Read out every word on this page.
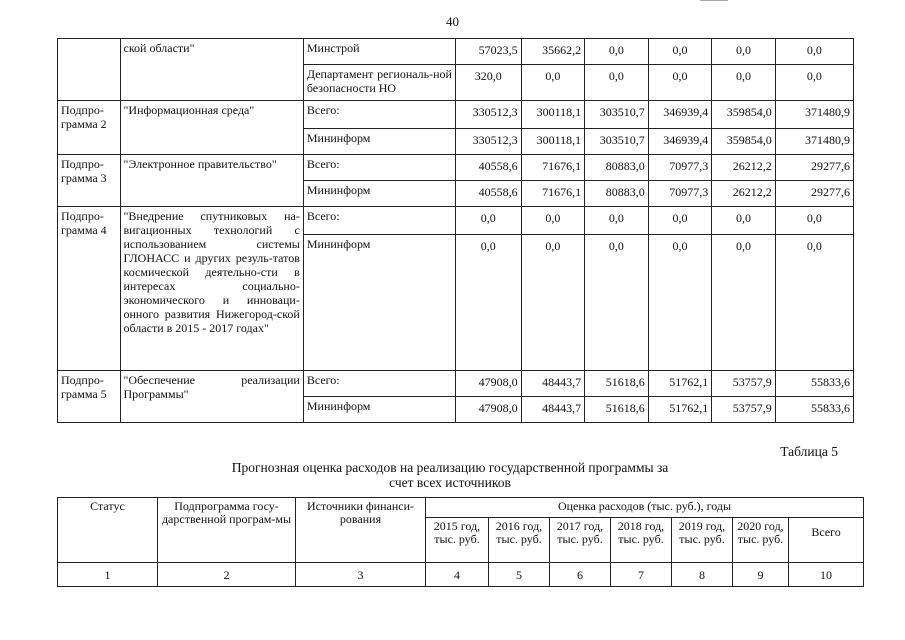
40
	ской области"	Минстрой	57023,5	35662,2	0,0	0,0	0,0	0,0
		Департамент региональ-ной безопасности НО	320,0	0,0	0,0	0,0	0,0	0,0
Подпро-грамма 2	"Информационная среда"	Всего:	330512,3	300118,1	303510,7	346939,4	359854,0	371480,9
		Мининформ	330512,3	300118,1	303510,7	346939,4	359854,0	371480,9
Подпро-грамма 3	"Электронное правительство"	Всего:	40558,6	71676,1	80883,0	70977,3	26212,2	29277,6
		Мининформ	40558,6	71676,1	80883,0	70977,3	26212,2	29277,6
Подпро-грамма 4	"Внедрение спутниковых на-вигационных технологий с использованием системы ГЛОНАСС и других резуль-татов космической деятельно-сти в интересах социально-экономического и инноваци-онного развития Нижегород-ской области в 2015 - 2017 годах"	Всего:	0,0	0,0	0,0	0,0	0,0	0,0
		Мининформ	0,0	0,0	0,0	0,0	0,0	0,0
Подпро-грамма 5	"Обеспечение реализации Программы"	Всего:	47908,0	48443,7	51618,6	51762,1	53757,9	55833,6
		Мининформ	47908,0	48443,7	51618,6	51762,1	53757,9	55833,6
Таблица 5
Прогнозная оценка расходов на реализацию государственной программы за счет всех источников
Статус	Подпрограмма госу-дарственной програм-мы	Источники финанси-рования	Оценка расходов (тыс. руб.), годы						
			2015 год, тыс. руб.	2016 год, тыс. руб.	2017 год, тыс. руб.	2018 год, тыс. руб.	2019 год, тыс. руб.	2020 год, тыс. руб.	Всего
1	2	3	4	5	6	7	8	9	10
